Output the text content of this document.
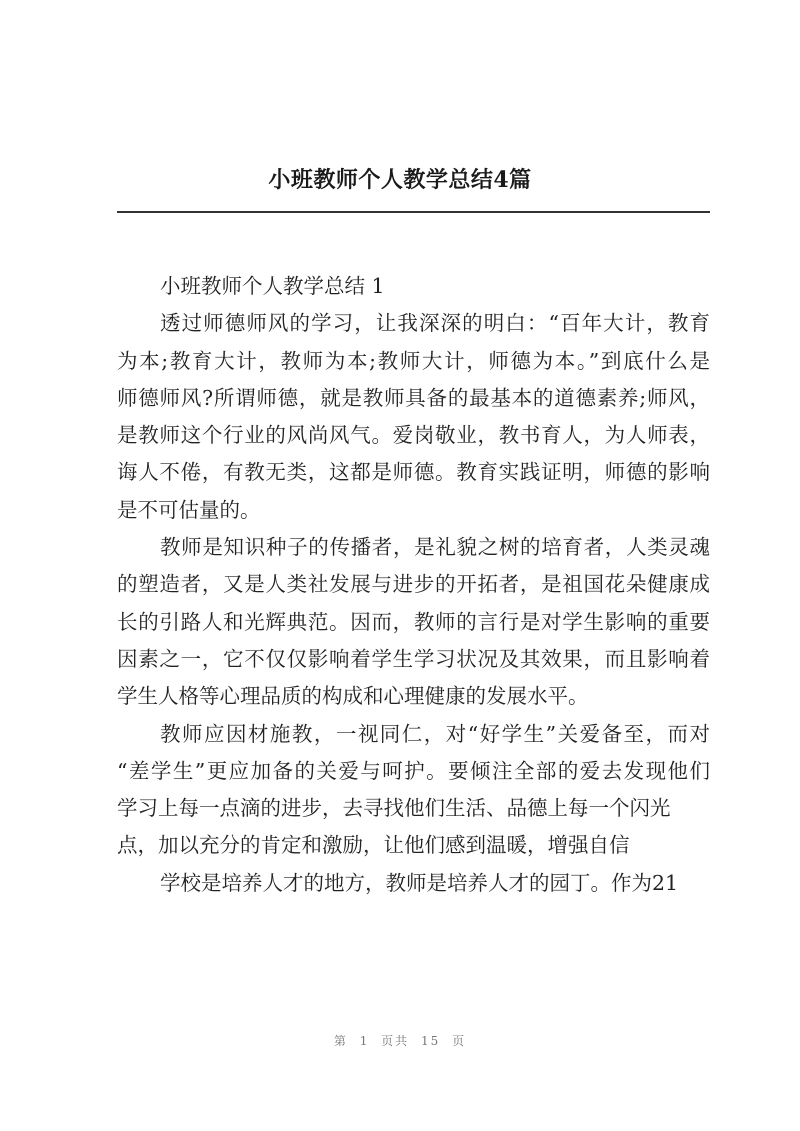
小班教师个人教学总结4篇
小班教师个人教学总结 1
透过师德师风的学习，让我深深的明白：“百年大计，教育
为本;教育大计，教师为本;教师大计，师德为本。”到底什么是
师德师风?所谓师德，就是教师具备的最基本的道德素养;师风，
是教师这个行业的风尚风气。爱岗敬业，教书育人，为人师表，
诲人不倦，有教无类，这都是师德。教育实践证明，师德的影响
是不可估量的。
教师是知识种子的传播者，是礼貌之树的培育者，人类灵魂
的塑造者，又是人类社发展与进步的开拓者，是祖国花朵健康成
长的引路人和光辉典范。因而，教师的言行是对学生影响的重要
因素之一，它不仅仅影响着学生学习状况及其效果，而且影响着
学生人格等心理品质的构成和心理健康的发展水平。
教师应因材施教，一视同仁，对“好学生”关爱备至，而对
“差学生”更应加备的关爱与呵护。要倾注全部的爱去发现他们
学习上每一点滴的进步，去寻找他们生活、品德上每一个闪光
点，加以充分的肯定和激励，让他们感到温暖，增强自信
学校是培养人才的地方，教师是培养人才的园丁。作为21
第 1 页共 15 页
